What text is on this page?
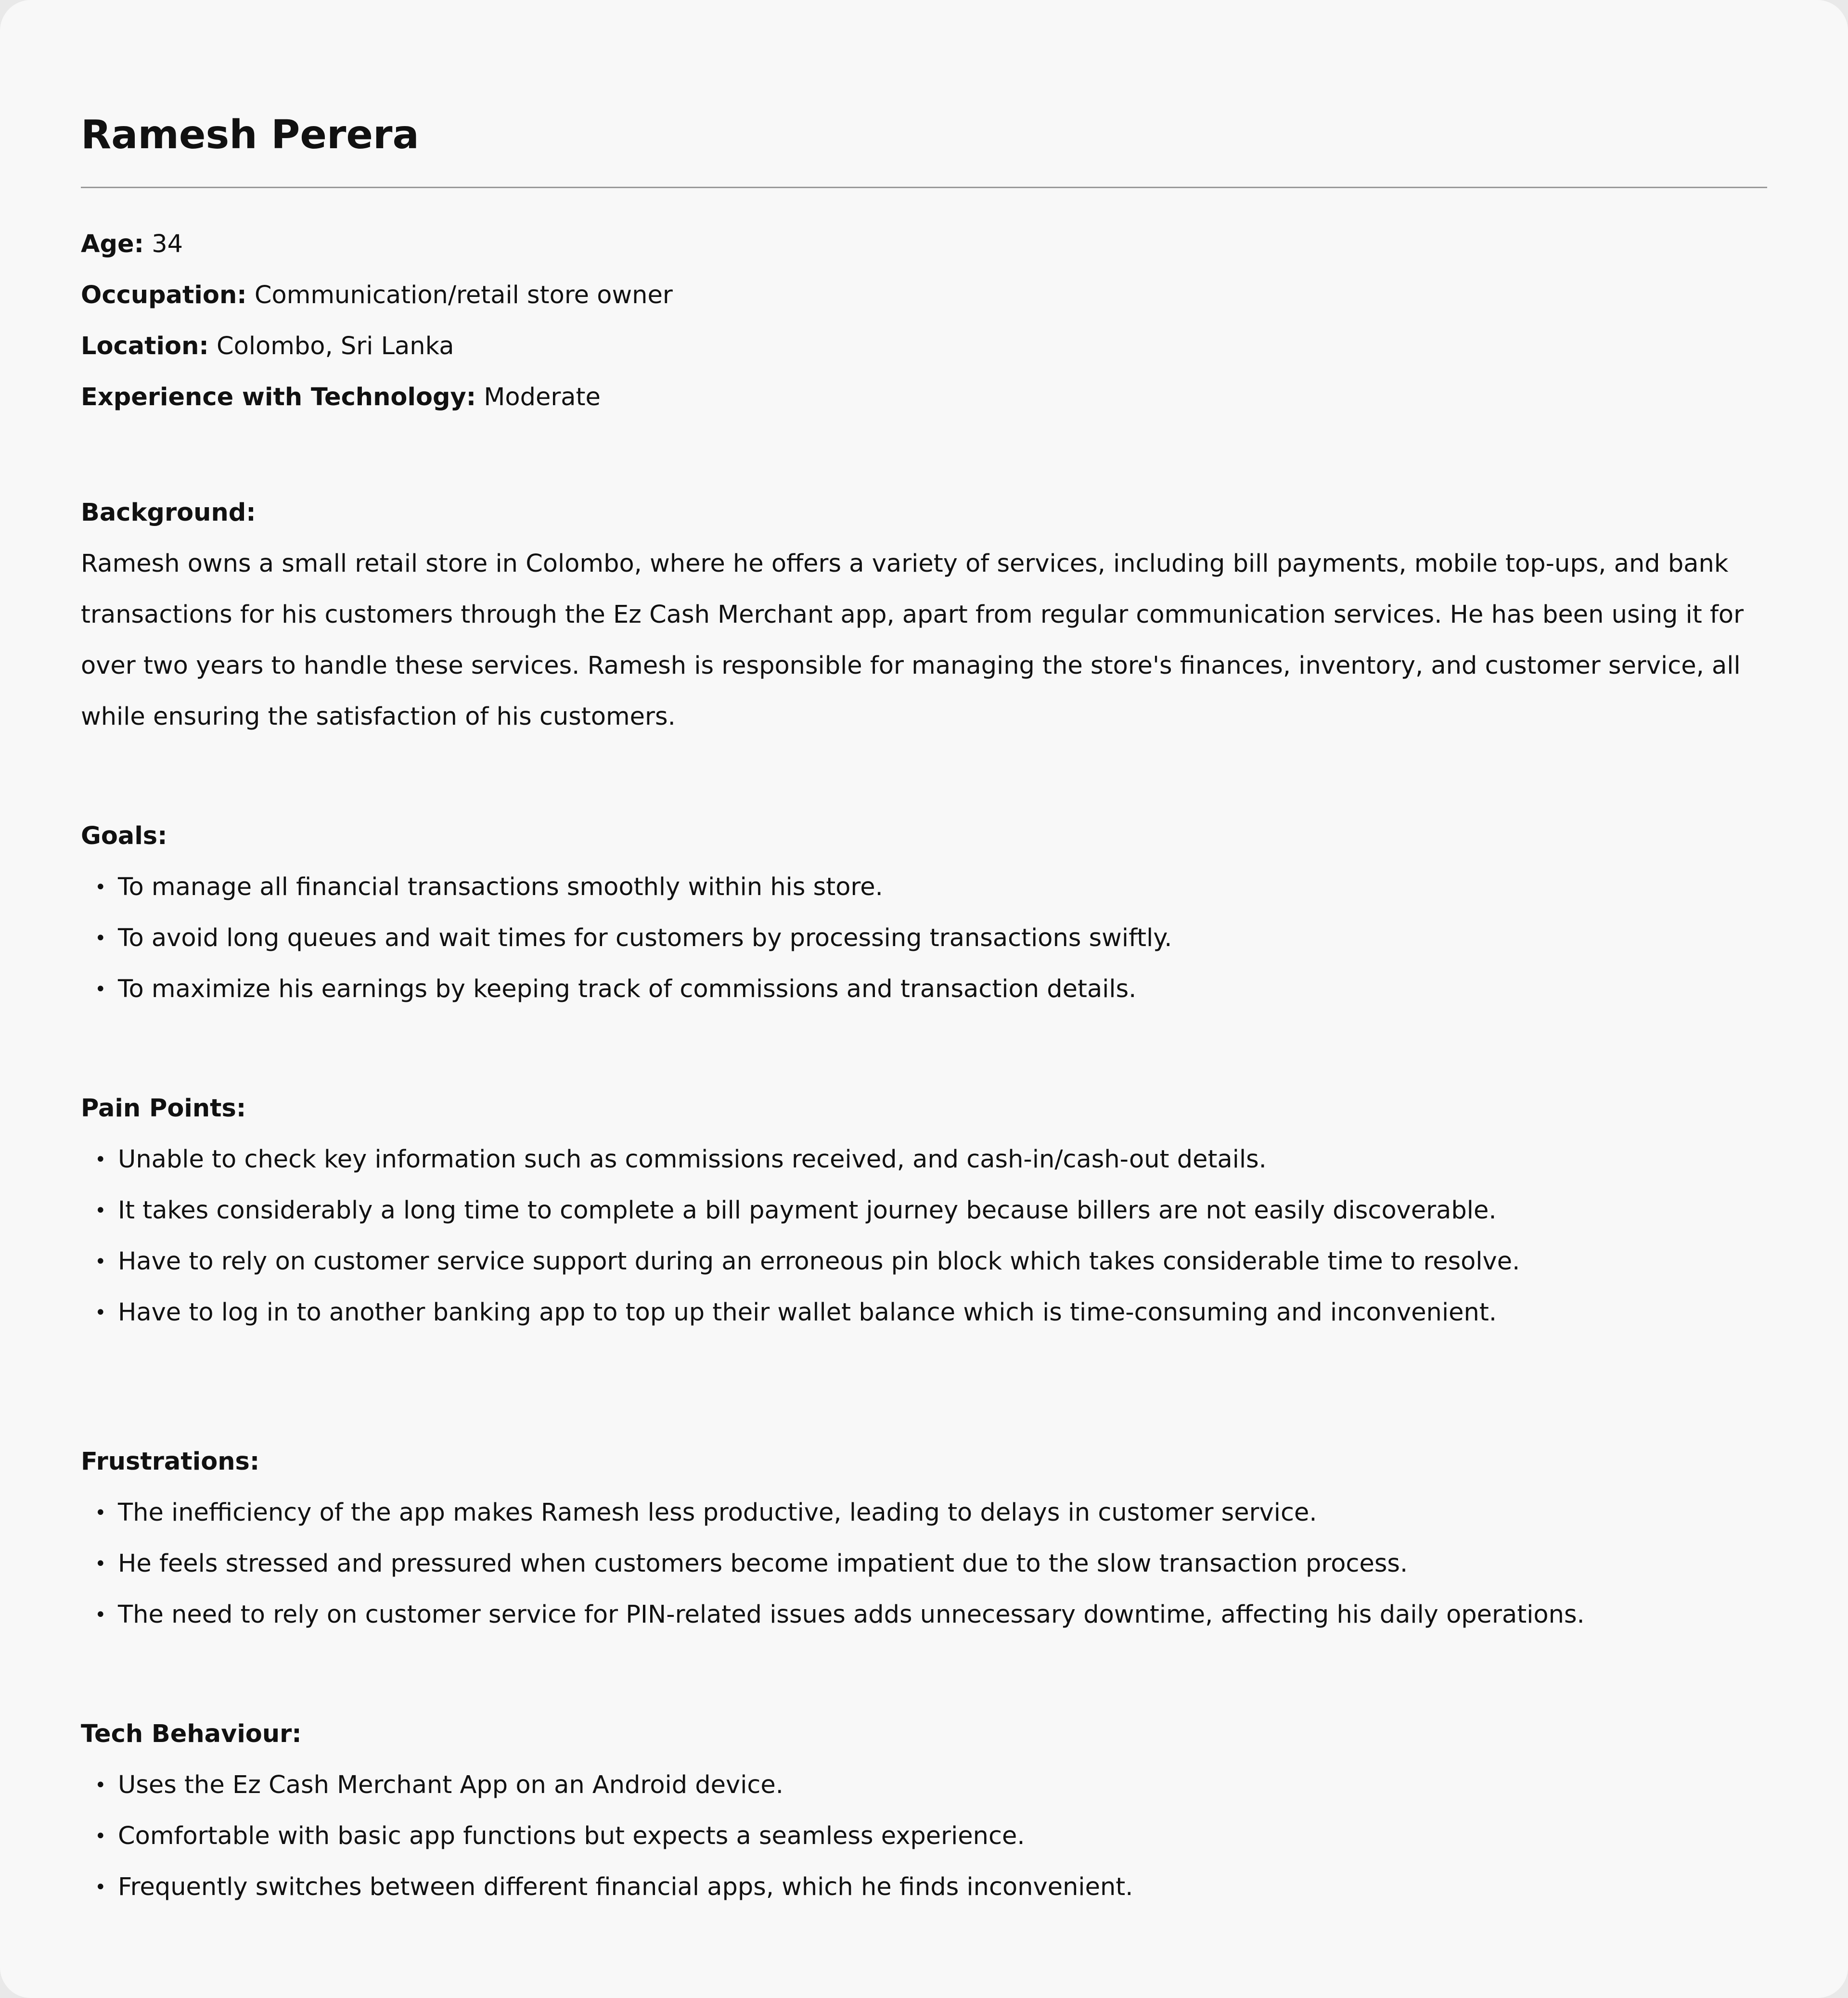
Ramesh Perera

Age: 34

Occupation: Communication/retail store owner

Location: Colombo, Sri Lanka

Experience with Technology: Moderate

Background:

Ramesh owns a small retail store in Colombo, where he offers a variety of services, including bill payments, mobile top-ups, and bank transactions for his customers through the Ez Cash Merchant app, apart from regular communication services. He has been using it for over two years to handle these services. Ramesh is responsible for managing the store's finances, inventory, and customer service, all while ensuring the satisfaction of his customers.

Goals:
• To manage all financial transactions smoothly within his store.
• To avoid long queues and wait times for customers by processing transactions swiftly.
• To maximize his earnings by keeping track of commissions and transaction details.
Pain Points:
• Unable to check key information such as commissions received, and cash-in/cash-out details.
• It takes considerably a long time to complete a bill payment journey because billers are not easily discoverable.
• Have to rely on customer service support during an erroneous pin block which takes considerable time to resolve.
• Have to log in to another banking app to top up their wallet balance which is time-consuming and inconvenient.
Frustrations:
• The inefficiency of the app makes Ramesh less productive, leading to delays in customer service.
• He feels stressed and pressured when customers become impatient due to the slow transaction process.
• The need to rely on customer service for PIN-related issues adds unnecessary downtime, affecting his daily operations.
Tech Behaviour:
• Uses the Ez Cash Merchant App on an Android device.
• Comfortable with basic app functions but expects a seamless experience.
• Frequently switches between different financial apps, which he finds inconvenient.
